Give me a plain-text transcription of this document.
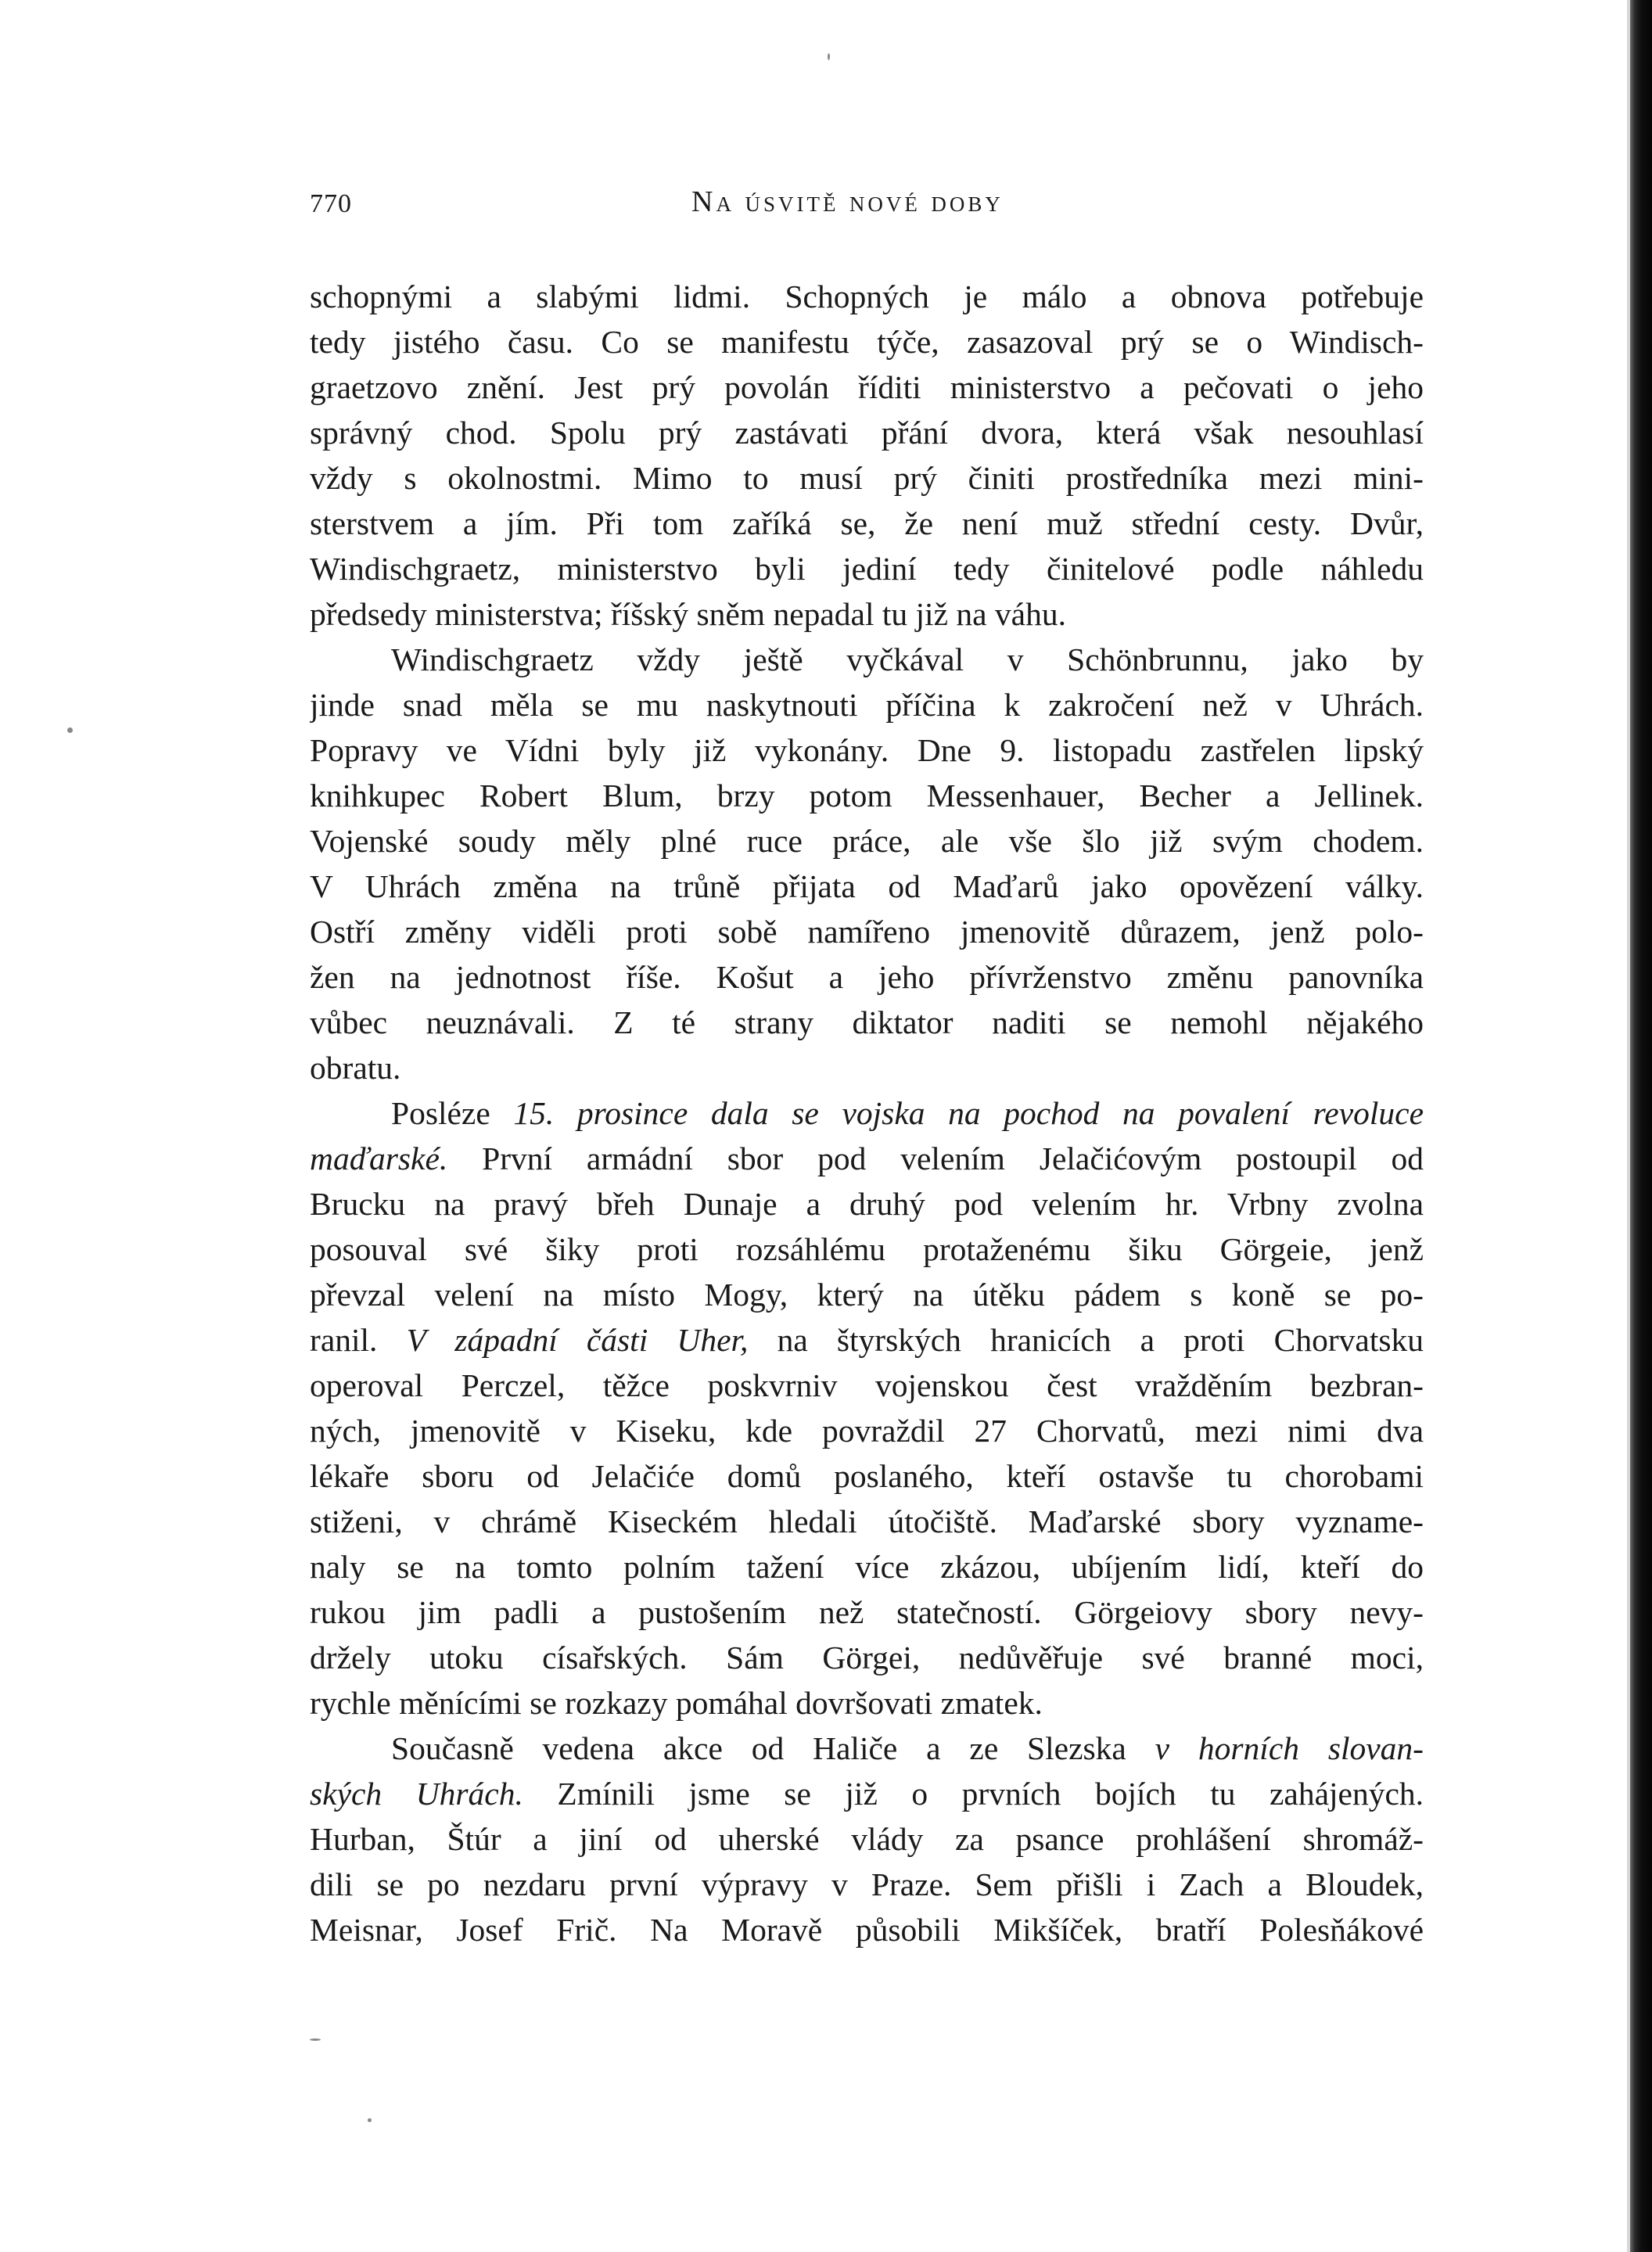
770	Na úsvitě nové doby
schopnými a slabými lidmi. Schopných je málo a obnova potřebuje
tedy jistého času. Co se manifestu týče, zasazoval prý se o Windisch-
graetzovo znění. Jest prý povolán říditi ministerstvo a pečovati o jeho
správný chod. Spolu prý zastávati přání dvora, která však nesouhlasí
vždy s okolnostmi. Mimo to musí prý činiti prostředníka mezi mini-
sterstvem a jím. Při tom zaříká se, že není muž střední cesty. Dvůr,
Windischgraetz, ministerstvo byli jediní tedy činitelové podle náhledu
předsedy ministerstva; říšský sněm nepadal tu již na váhu.
Windischgraetz vždy ještě vyčkával v Schönbrunnu, jako by
jinde snad měla se mu naskytnouti příčina k zakročení než v Uhrách.
Popravy ve Vídni byly již vykonány. Dne 9. listopadu zastřelen lipský
knihkupec Robert Blum, brzy potom Messenhauer, Becher a Jellinek.
Vojenské soudy měly plné ruce práce, ale vše šlo již svým chodem.
V Uhrách změna na trůně přijata od Maďarů jako opovězení války.
Ostří změny viděli proti sobě namířeno jmenovitě důrazem, jenž polo-
žen na jednotnost říše. Košut a jeho přívrženstvo změnu panovníka
vůbec neuznávali. Z té strany diktator naditi se nemohl nějakého
obratu.
Posléze 15. prosince dala se vojska na pochod na povalení revoluce
maďarské. První armádní sbor pod velením Jelačićovým postoupil od
Brucku na pravý břeh Dunaje a druhý pod velením hr. Vrbny zvolna
posouval své šiky proti rozsáhlému protaženému šiku Görgeie, jenž
převzal velení na místo Mogy, který na útěku pádem s koně se po-
ranil. V západní části Uher, na štyrských hranicích a proti Chorvatsku
operoval Perczel, těžce poskvrniv vojenskou čest vražděním bezbran-
ných, jmenovitě v Kiseku, kde povraždil 27 Chorvatů, mezi nimi dva
lékaře sboru od Jelačiće domů poslaného, kteří ostavše tu chorobami
stiženi, v chrámě Kiseckém hledali útočiště. Maďarské sbory vyzname-
naly se na tomto polním tažení více zkázou, ubíjením lidí, kteří do
rukou jim padli a pustošením než statečností. Görgeiovy sbory nevy-
držely utoku císařských. Sám Görgei, nedůvěřuje své branné moci,
rychle měnícími se rozkazy pomáhal dovršovati zmatek.
Současně vedena akce od Haliče a ze Slezska v horních slovan-
ských Uhrách. Zmínili jsme se již o prvních bojích tu zahájených.
Hurban, Štúr a jiní od uherské vlády za psance prohlášení shromáž-
dili se po nezdaru první výpravy v Praze. Sem přišli i Zach a Bloudek,
Meisnar, Josef Frič. Na Moravě působili Mikšíček, bratří Polesňákové
